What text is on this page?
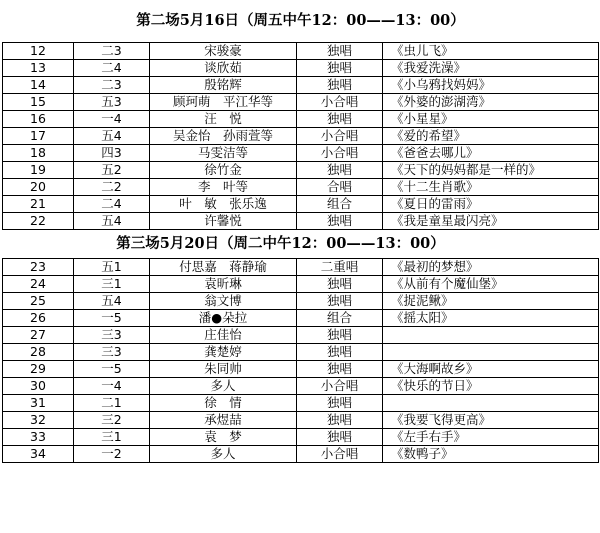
第二场5月16日（周五中午12：00——13：00）				
12	二3	宋骏豪	独唱	《虫儿飞》
13	二4	谈欣茹	独唱	《我爱洗澡》
14	二3	殷铭辉	独唱	《小乌鸦找妈妈》
15	五3	顾珂萌　平江华等	小合唱	《外婆的澎湖湾》
16	一4	汪　悦	独唱	《小星星》
17	五4	吴金怡　孙雨萱等	小合唱	《爱的希望》
18	四3	马雯洁等	小合唱	《爸爸去哪儿》
19	五2	徐竹金	独唱	《天下的妈妈都是一样的》
20	二2	李　叶等	合唱	《十二生肖歌》
21	二4	叶　敏　张乐逸	组合	《夏日的雷雨》
22	五4	许馨悦	独唱	《我是童星最闪亮》
第三场5月20日（周二中午12：00——13：00）				
23	五1	付思嘉　蒋静瑜	二重唱	《最初的梦想》
24	三1	袁昕琳	独唱	《从前有个魔仙堡》
25	五4	翁文博	独唱	《捉泥鳅》
26	一5	潘●朵拉	组合	《摇太阳》
27	三3	庄佳怡	独唱	
28	三3	龚楚婷	独唱	
29	一5	朱同帅	独唱	《大海啊故乡》
30	一4	多人	小合唱	《快乐的节日》
31	二1	徐　情	独唱	
32	三2	承煜喆	独唱	《我要飞得更高》
33	三1	袁　梦	独唱	《左手右手》
34	一2	多人	小合唱	《数鸭子》
